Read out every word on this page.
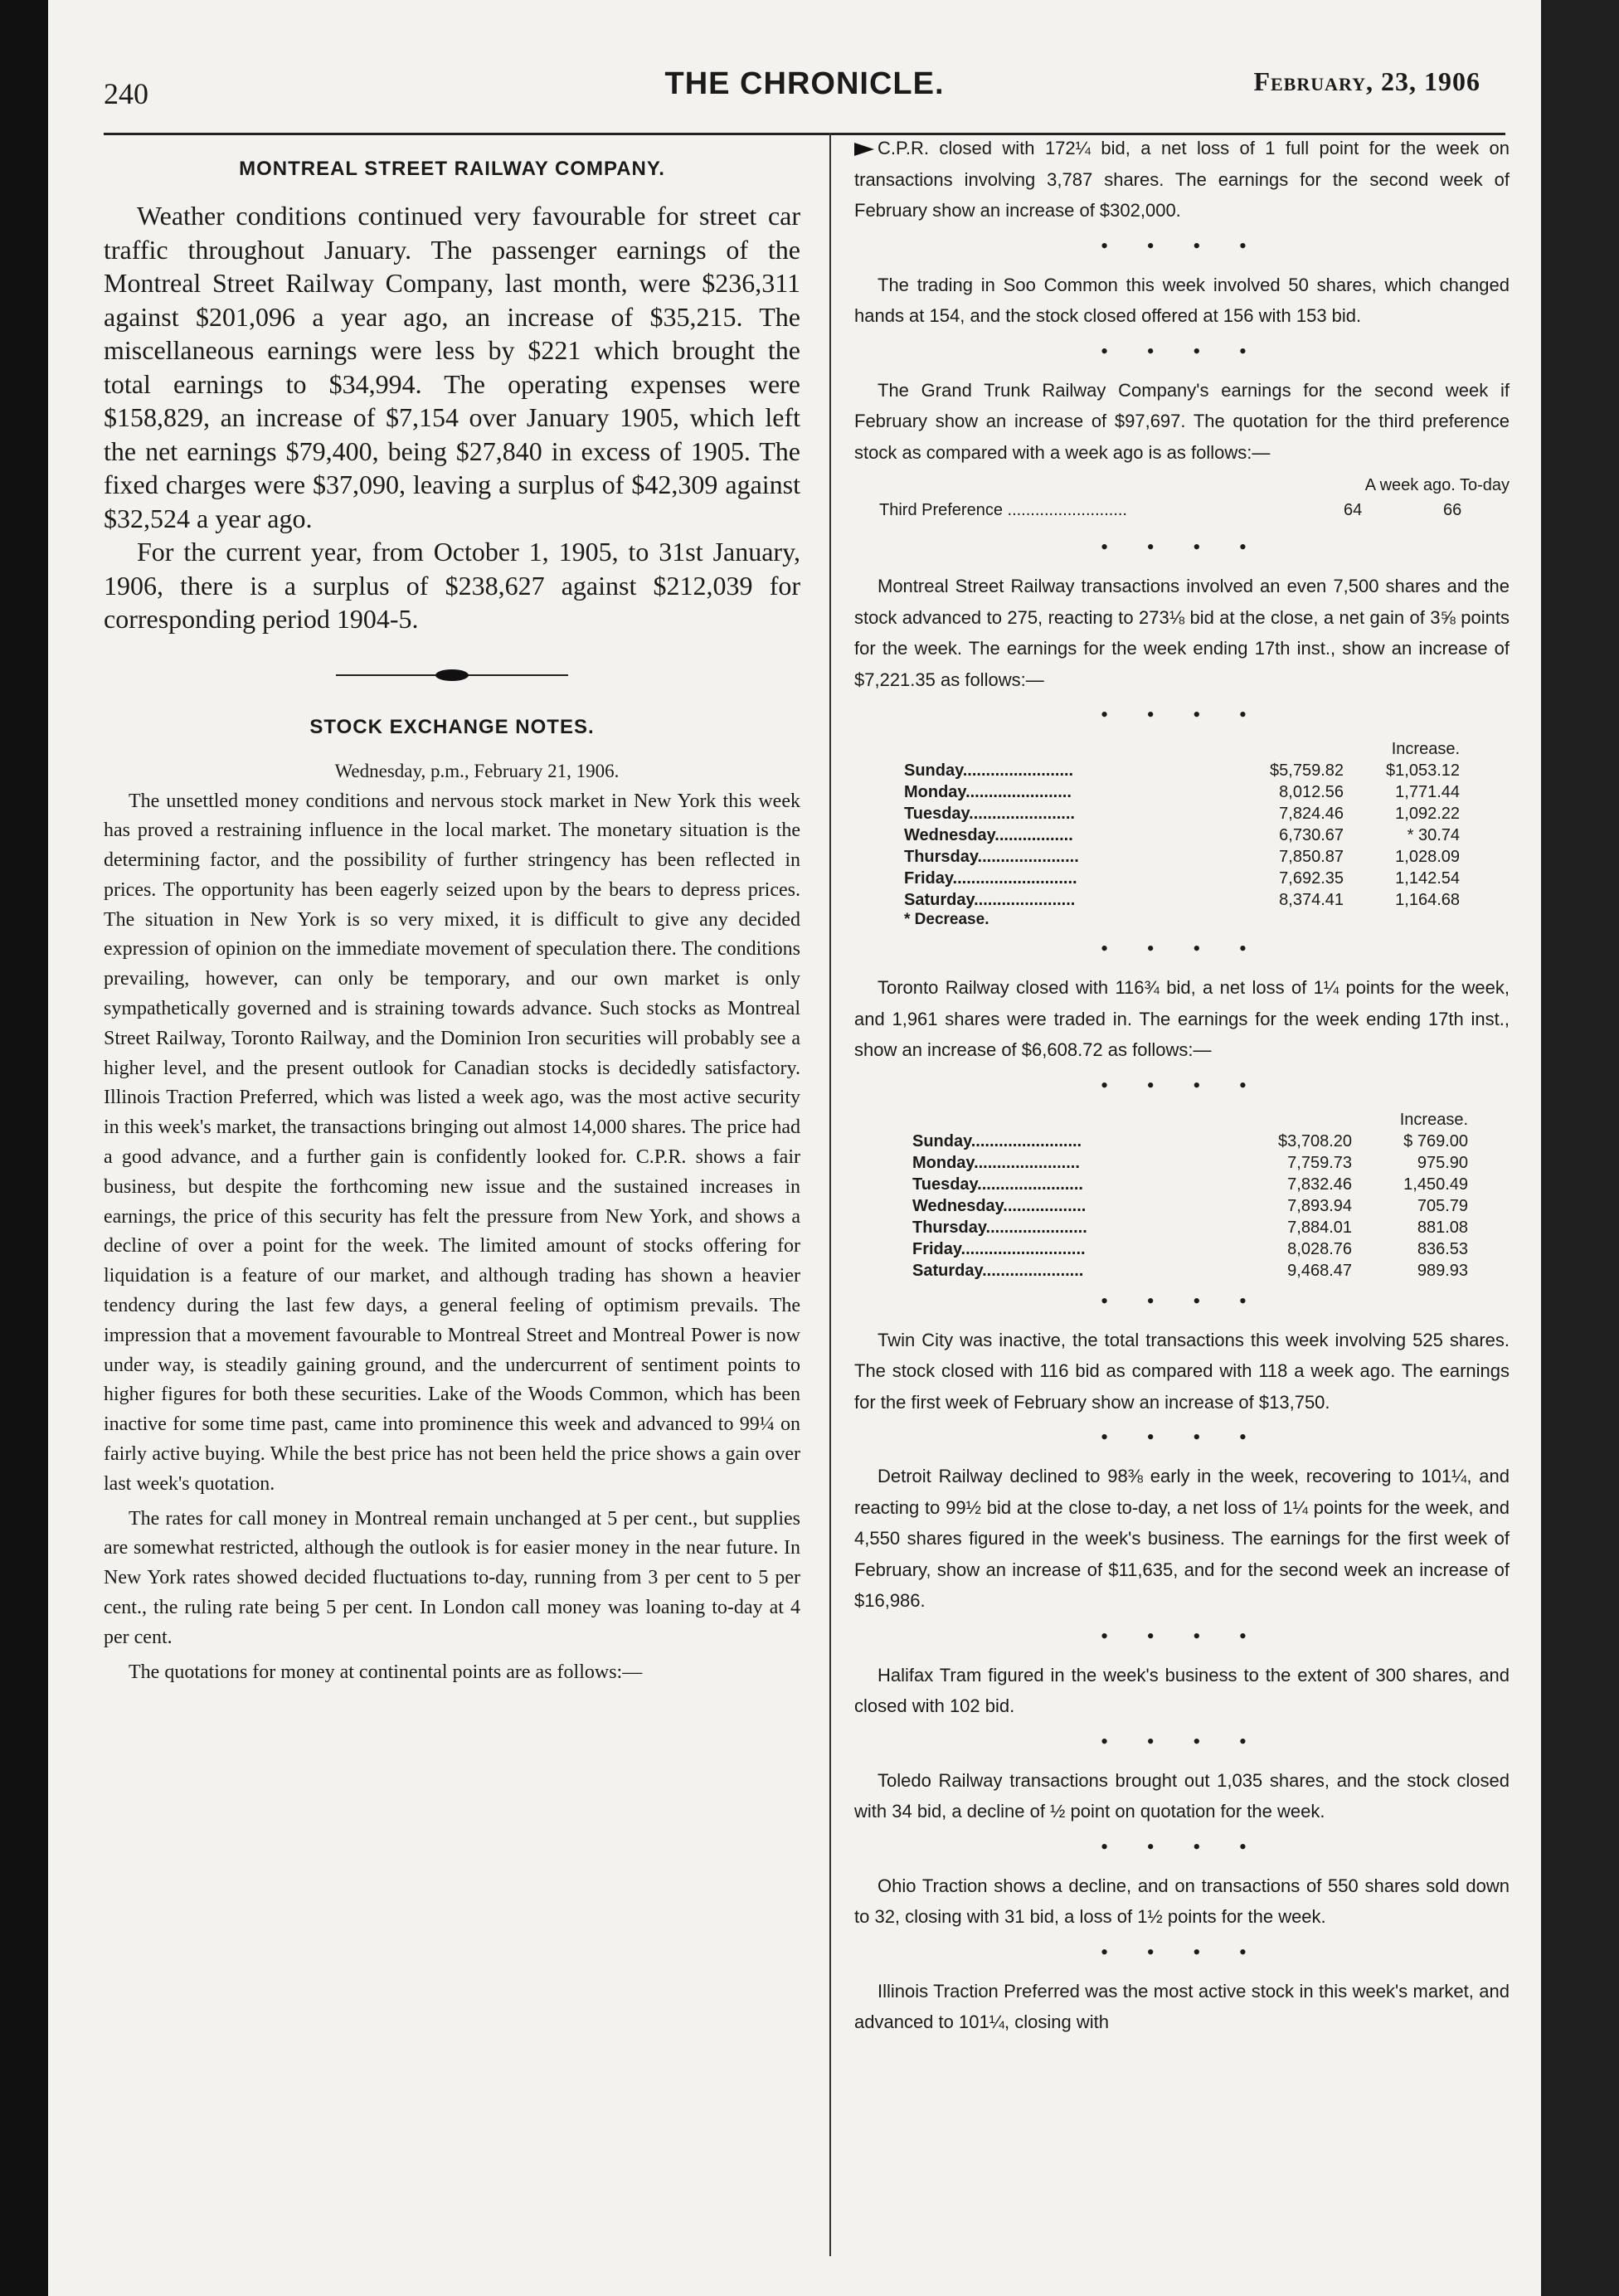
240	THE CHRONICLE.	February, 23, 1906
MONTREAL STREET RAILWAY COMPANY.

Weather conditions continued very favourable for street car traffic throughout January. The passenger earnings of the Montreal Street Railway Company, last month, were $236,311 against $201,096 a year ago, an increase of $35,215. The miscellaneous earnings were less by $221 which brought the total earnings to $34,994. The operating expenses were $158,829, an increase of $7,154 over January 1905, which left the net earnings $79,400, being $27,840 in excess of 1905. The fixed charges were $37,090, leaving a surplus of $42,309 against $32,524 a year ago.

For the current year, from October 1, 1905, to 31st January, 1906, there is a surplus of $238,627 against $212,039 for corresponding period 1904-5.

STOCK EXCHANGE NOTES.
Wednesday, p.m., February 21, 1906.

The unsettled money conditions and nervous stock market in New York this week has proved a restraining influence in the local market. The monetary situation is the determining factor, and the possibility of further stringency has been reflected in prices. The opportunity has been eagerly seized upon by the bears to depress prices. The situation in New York is so very mixed, it is difficult to give any decided expression of opinion on the immediate movement of speculation there. The conditions prevailing, however, can only be temporary, and our own market is only sympathetically governed and is straining towards advance. Such stocks as Montreal Street Railway, Toronto Railway, and the Dominion Iron securities will probably see a higher level, and the present outlook for Canadian stocks is decidedly satisfactory. Illinois Traction Preferred, which was listed a week ago, was the most active security in this week's market, the transactions bringing out almost 14,000 shares. The price had a good advance, and a further gain is confidently looked for. C.P.R. shows a fair business, but despite the forthcoming new issue and the sustained increases in earnings, the price of this security has felt the pressure from New York, and shows a decline of over a point for the week. The limited amount of stocks offering for liquidation is a feature of our market, and although trading has shown a heavier tendency during the last few days, a general feeling of optimism prevails. The impression that a movement favourable to Montreal Street and Montreal Power is now under way, is steadily gaining ground, and the undercurrent of sentiment points to higher figures for both these securities. Lake of the Woods Common, which has been inactive for some time past, came into prominence this week and advanced to 99¼ on fairly active buying. While the best price has not been held the price shows a gain over last week's quotation.

The rates for call money in Montreal remain unchanged at 5 per cent., but supplies are somewhat restricted, although the outlook is for easier money in the near future. In New York rates showed decided fluctuations to-day, running from 3 per cent to 5 per cent., the ruling rate being 5 per cent. In London call money was loaning to-day at 4 per cent.

The quotations for money at continental points are as follows:—

C.P.R. closed with 172¼ bid, a net loss of 1 full point for the week on transactions involving 3,787 shares. The earnings for the second week of February show an increase of $302,000.

• • • •

The trading in Soo Common this week involved 50 shares, which changed hands at 154, and the stock closed offered at 156 with 153 bid.

• • • •

The Grand Trunk Railway Company's earnings for the second week if February show an increase of $97,697. The quotation for the third preference stock as compared with a week ago is as follows:—

A week ago. To-day
Third Preference ..........................	64	66
• • • •

Montreal Street Railway transactions involved an even 7,500 shares and the stock advanced to 275, reacting to 273⅛ bid at the close, a net gain of 3⅝ points for the week. The earnings for the week ending 17th inst., show an increase of $7,221.35 as follows:—

• • • •
		Increase.
Sunday........................	$5,759.82	$1,053.12
Monday.......................	8,012.56	1,771.44
Tuesday.......................	7,824.46	1,092.22
Wednesday.................	6,730.67	* 30.74
Thursday......................	7,850.87	1,028.09
Friday...........................	7,692.35	1,142.54
Saturday......................	8,374.41	1,164.68
* Decrease.
• • • •

Toronto Railway closed with 116¾ bid, a net loss of 1¼ points for the week, and 1,961 shares were traded in. The earnings for the week ending 17th inst., show an increase of $6,608.72 as follows:—

• • • •
		Increase.
Sunday........................	$3,708.20	$ 769.00
Monday.......................	7,759.73	975.90
Tuesday.......................	7,832.46	1,450.49
Wednesday..................	7,893.94	705.79
Thursday......................	7,884.01	881.08
Friday...........................	8,028.76	836.53
Saturday......................	9,468.47	989.93
• • • •

Twin City was inactive, the total transactions this week involving 525 shares. The stock closed with 116 bid as compared with 118 a week ago. The earnings for the first week of February show an increase of $13,750.

• • • •

Detroit Railway declined to 98⅜ early in the week, recovering to 101¼, and reacting to 99½ bid at the close to-day, a net loss of 1¼ points for the week, and 4,550 shares figured in the week's business. The earnings for the first week of February, show an increase of $11,635, and for the second week an increase of $16,986.

• • • •

Halifax Tram figured in the week's business to the extent of 300 shares, and closed with 102 bid.

• • • •

Toledo Railway transactions brought out 1,035 shares, and the stock closed with 34 bid, a decline of ½ point on quotation for the week.

• • • •

Ohio Traction shows a decline, and on transactions of 550 shares sold down to 32, closing with 31 bid, a loss of 1½ points for the week.

• • • •

Illinois Traction Preferred was the most active stock in this week's market, and advanced to 101¼, closing with
